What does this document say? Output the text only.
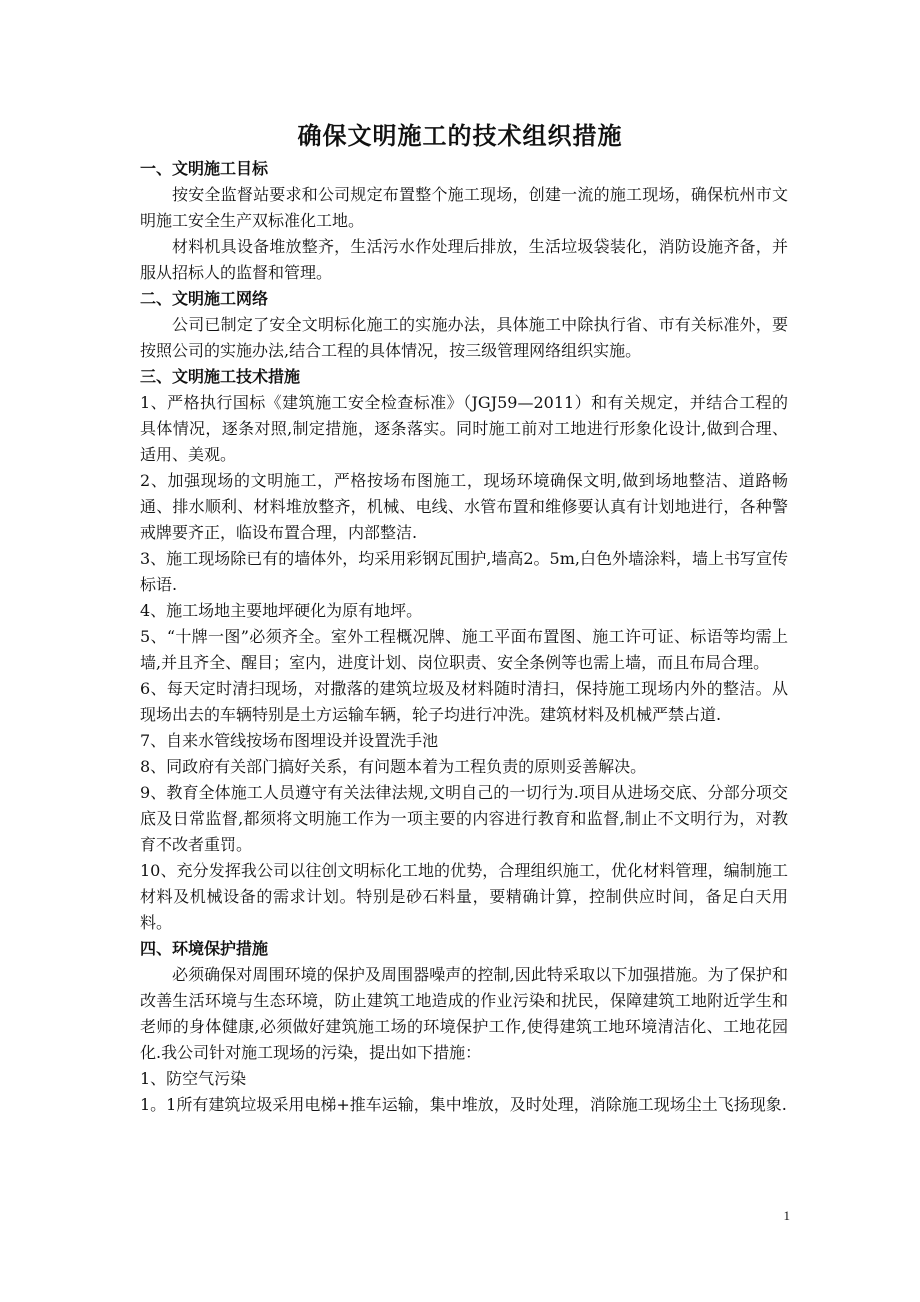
确保文明施工的技术组织措施
一、文明施工目标

按安全监督站要求和公司规定布置整个施工现场，创建一流的施工现场，确保杭州市文明施工安全生产双标准化工地。

材料机具设备堆放整齐，生活污水作处理后排放，生活垃圾袋装化，消防设施齐备，并服从招标人的监督和管理。

二、文明施工网络

公司已制定了安全文明标化施工的实施办法，具体施工中除执行省、市有关标准外，要按照公司的实施办法,结合工程的具体情况，按三级管理网络组织实施。

三、文明施工技术措施

1、严格执行国标《建筑施工安全检查标准》（JGJ59—2011）和有关规定，并结合工程的具体情况，逐条对照,制定措施，逐条落实。同时施工前对工地进行形象化设计,做到合理、适用、美观。

2、加强现场的文明施工，严格按场布图施工，现场环境确保文明,做到场地整洁、道路畅通、排水顺利、材料堆放整齐，机械、电线、水管布置和维修要认真有计划地进行，各种警戒牌要齐正，临设布置合理，内部整洁.

3、施工现场除已有的墙体外，均采用彩钢瓦围护,墙高2。5m,白色外墙涂料，墙上书写宣传标语.

4、施工场地主要地坪硬化为原有地坪。

5、“十牌一图”必须齐全。室外工程概况牌、施工平面布置图、施工许可证、标语等均需上墙,并且齐全、醒目；室内，进度计划、岗位职责、安全条例等也需上墙，而且布局合理。

6、每天定时清扫现场，对撒落的建筑垃圾及材料随时清扫，保持施工现场内外的整洁。从现场出去的车辆特别是土方运输车辆，轮子均进行冲洗。建筑材料及机械严禁占道.

7、自来水管线按场布图埋设并设置洗手池

8、同政府有关部门搞好关系，有问题本着为工程负责的原则妥善解决。

9、教育全体施工人员遵守有关法律法规,文明自己的一切行为.项目从进场交底、分部分项交底及日常监督,都须将文明施工作为一项主要的内容进行教育和监督,制止不文明行为，对教育不改者重罚。

10、充分发挥我公司以往创文明标化工地的优势，合理组织施工，优化材料管理，编制施工材料及机械设备的需求计划。特别是砂石料量，要精确计算，控制供应时间，备足白天用料。

四、环境保护措施

必须确保对周围环境的保护及周围器噪声的控制,因此特采取以下加强措施。为了保护和改善生活环境与生态环境，防止建筑工地造成的作业污染和扰民，保障建筑工地附近学生和老师的身体健康,必须做好建筑施工场的环境保护工作,使得建筑工地环境清洁化、工地花园化.我公司针对施工现场的污染，提出如下措施：

1、防空气污染

1。1所有建筑垃圾采用电梯+推车运输，集中堆放，及时处理，消除施工现场尘土飞扬现象.

1
